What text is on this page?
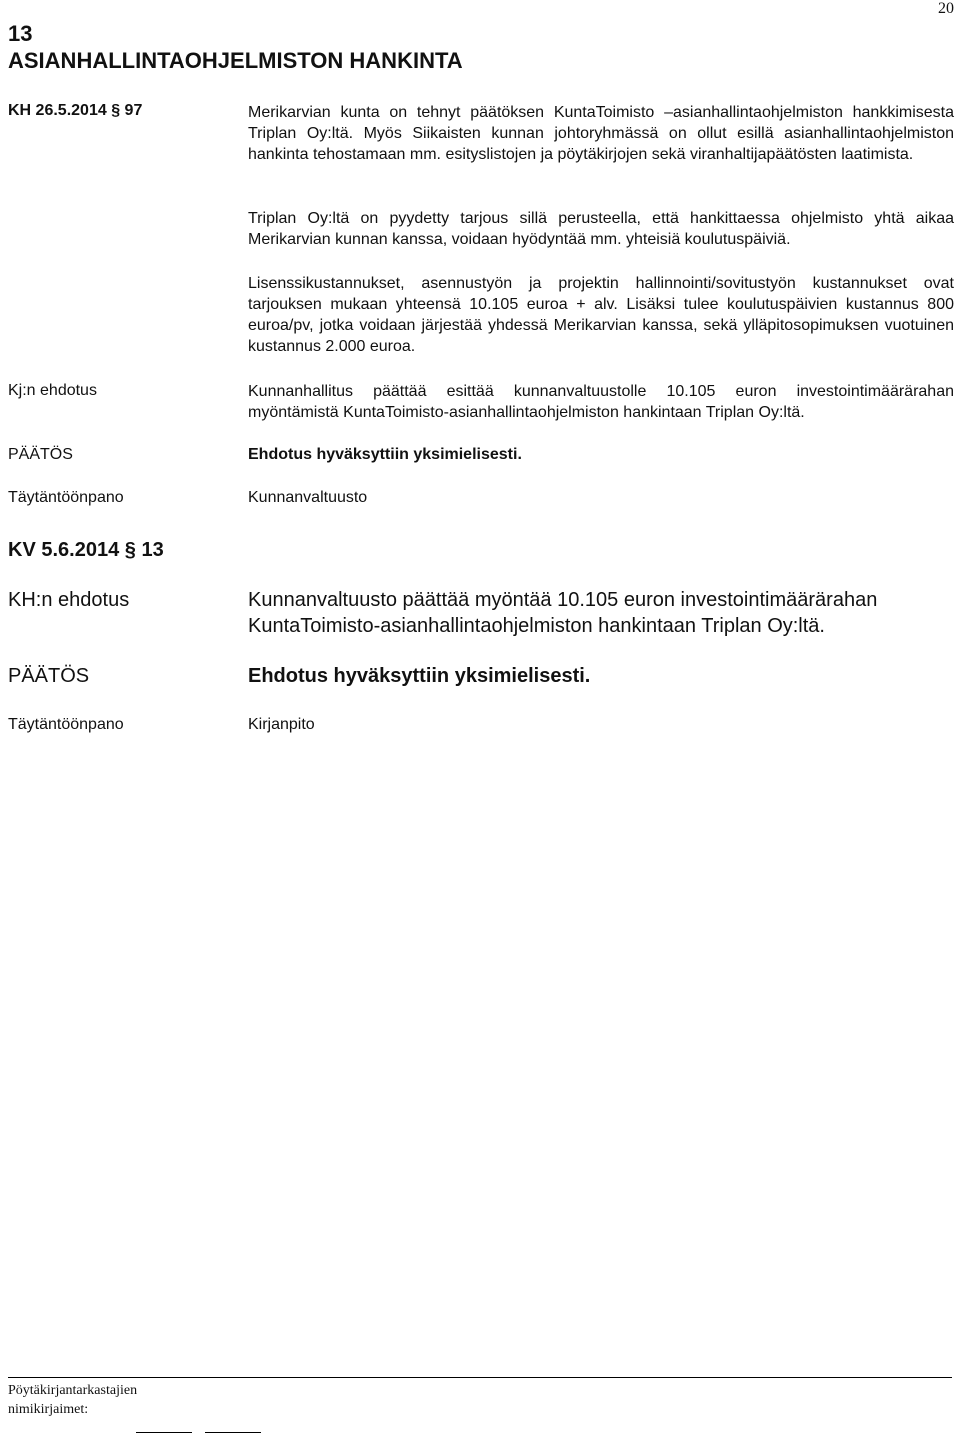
20
13
ASIANHALLINTAOHJELMISTON HANKINTA
KH 26.5.2014 § 97	Merikarvian kunta on tehnyt päätöksen KuntaToimisto –asianhallintaohjelmiston hankkimisesta Triplan Oy:ltä. Myös Siikaisten kunnan johtoryhmässä on ollut esillä asianhallintaohjelmiston hankinta tehostamaan mm. esityslistojen ja pöytäkirjojen sekä viranhaltijapäätösten laatimista.
Triplan Oy:ltä on pyydetty tarjous sillä perusteella, että hankittaessa ohjelmisto yhtä aikaa Merikarvian kunnan kanssa, voidaan hyödyntää mm. yhteisiä koulutuspäiviä.
Lisenssikustannukset, asennustyön ja projektin hallinnointi/sovitustyön kustannukset ovat tarjouksen mukaan yhteensä 10.105 euroa + alv. Lisäksi tulee koulutuspäivien kustannus 800 euroa/pv, jotka voidaan järjestää yhdessä Merikarvian kanssa, sekä ylläpitosopimuksen vuotuinen kustannus 2.000 euroa.
Kj:n ehdotus	Kunnanhallitus päättää esittää kunnanvaltuustolle 10.105 euron investointimäärärahan myöntämistä KuntaToimisto-asianhallintaohjelmiston hankintaan Triplan Oy:ltä.
PÄÄTÖS	Ehdotus hyväksyttiin yksimielisesti.
Täytäntöönpano	Kunnanvaltuusto
KV 5.6.2014 § 13
KH:n ehdotus	Kunnanvaltuusto päättää myöntää 10.105 euron investointimäärärahan KuntaToimisto-asianhallintaohjelmiston hankintaan Triplan Oy:ltä.
PÄÄTÖS	Ehdotus hyväksyttiin yksimielisesti.
Täytäntöönpano	Kirjanpito
Pöytäkirjantarkastajien
nimikirjaimet:
